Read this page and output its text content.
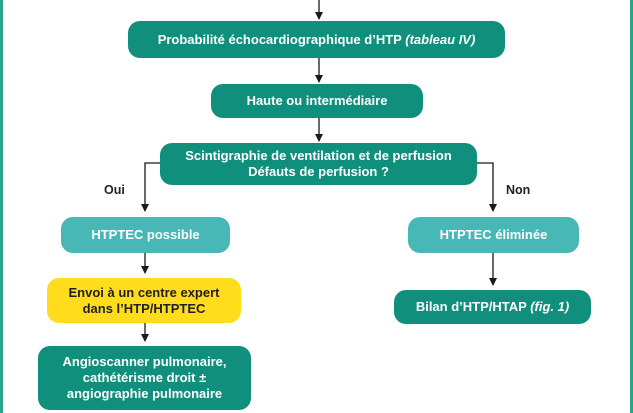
Probabilité échocardiographique d’HTP (tableau IV)
Haute ou intermédiaire
Scintigraphie de ventilation et de perfusion
Défauts de perfusion ?
Oui	Non
HTPTEC possible	HTPTEC éliminée
Envoi à un centre expert
dans l’HTP/HTPTEC	Bilan d’HTP/HTAP (fig. 1)
Angioscanner pulmonaire,
cathétérisme droit ±
angiographie pulmonaire
